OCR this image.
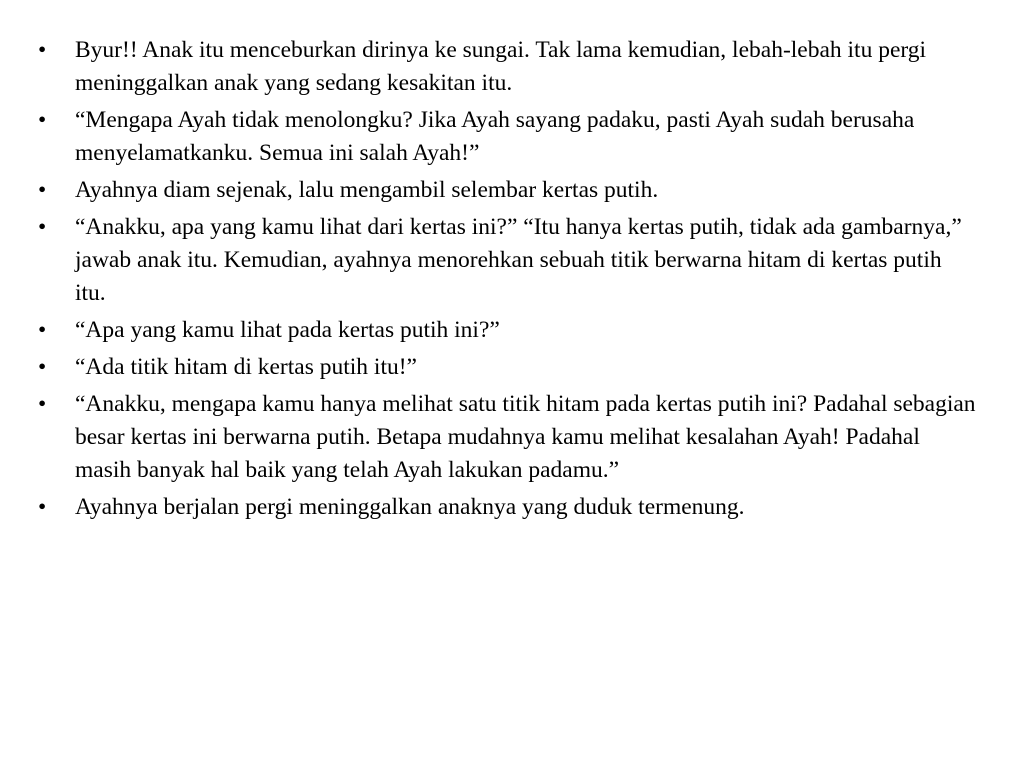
•	Byur!! Anak itu menceburkan dirinya ke sungai. Tak lama kemudian, lebah-lebah itu pergi meninggalkan anak yang sedang kesakitan itu.
•	“Mengapa Ayah tidak menolongku? Jika Ayah sayang padaku, pasti Ayah sudah berusaha menyelamatkanku. Semua ini salah Ayah!”
•	Ayahnya diam sejenak, lalu mengambil selembar kertas putih.
•	“Anakku, apa yang kamu lihat dari kertas ini?” “Itu hanya kertas putih, tidak ada gambarnya,” jawab anak itu. Kemudian, ayahnya menorehkan sebuah titik berwarna hitam di kertas putih itu.
•	“Apa yang kamu lihat pada kertas putih ini?”
•	“Ada titik hitam di kertas putih itu!”
•	“Anakku, mengapa kamu hanya melihat satu titik hitam pada kertas putih ini? Padahal sebagian besar kertas ini berwarna putih. Betapa mudahnya kamu melihat kesalahan Ayah! Padahal masih banyak hal baik yang telah Ayah lakukan padamu.”
•	Ayahnya berjalan pergi meninggalkan anaknya yang duduk termenung.
